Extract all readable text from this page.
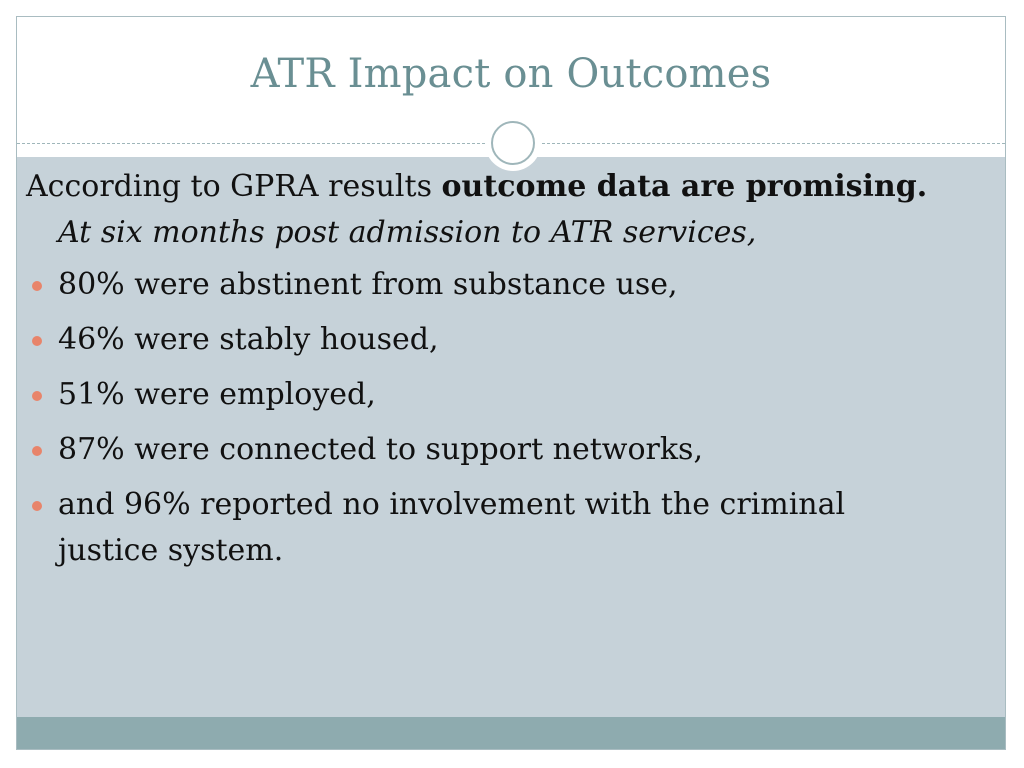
ATR Impact on Outcomes

According to GPRA results outcome data are promising. At six months post admission to ATR services,

80% were abstinent from substance use,
46% were stably housed,
51% were employed,
87% were connected to support networks,
and 96% reported no involvement with the criminal justice system.
